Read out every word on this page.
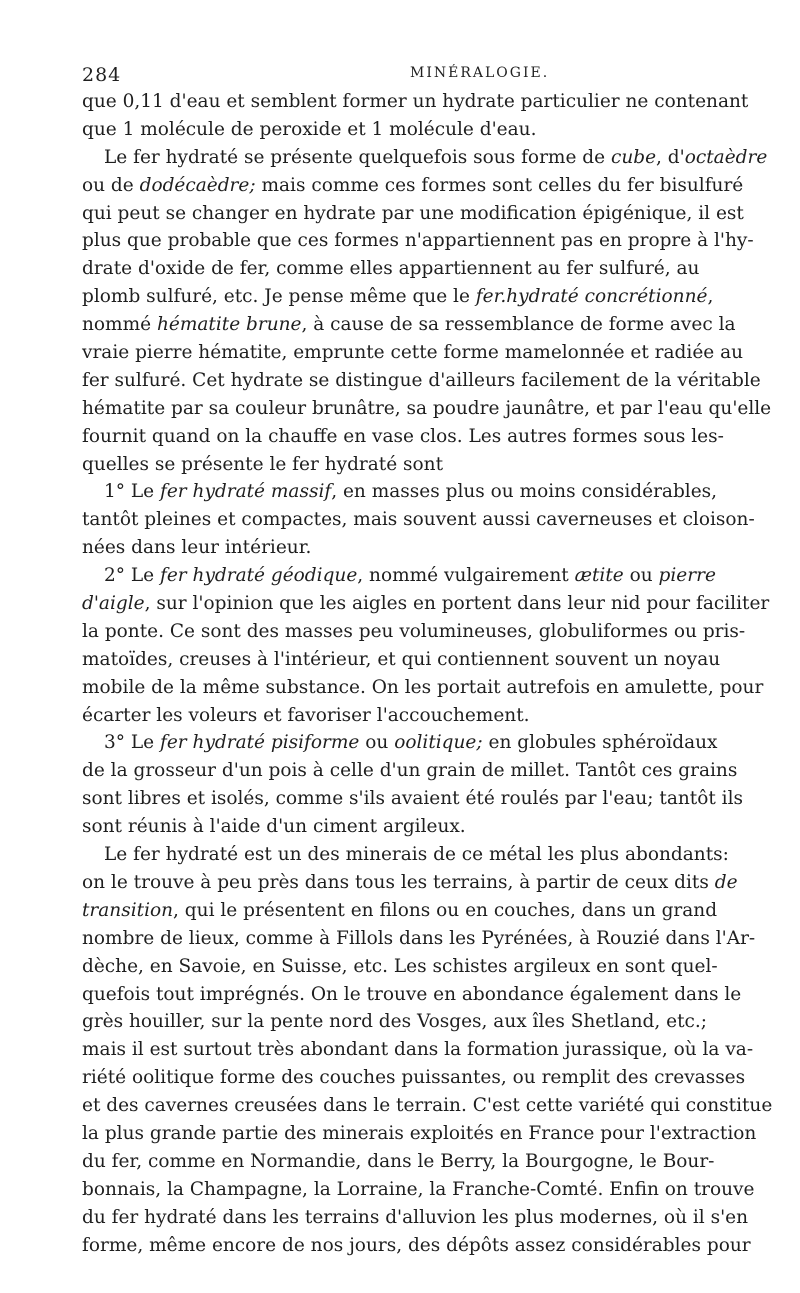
284	MINÉRALOGIE.
que 0,11 d'eau et semblent former un hydrate particulier ne contenant
que 1 molécule de peroxide et 1 molécule d'eau.
Le fer hydraté se présente quelquefois sous forme de cube, d'octaèdre
ou de dodécaèdre; mais comme ces formes sont celles du fer bisulfuré
qui peut se changer en hydrate par une modification épigénique, il est
plus que probable que ces formes n'appartiennent pas en propre à l'hy-
drate d'oxide de fer, comme elles appartiennent au fer sulfuré, au
plomb sulfuré, etc. Je pense même que le fer.hydraté concrétionné,
nommé hématite brune, à cause de sa ressemblance de forme avec la
vraie pierre hématite, emprunte cette forme mamelonnée et radiée au
fer sulfuré. Cet hydrate se distingue d'ailleurs facilement de la véritable
hématite par sa couleur brunâtre, sa poudre jaunâtre, et par l'eau qu'elle
fournit quand on la chauffe en vase clos. Les autres formes sous les-
quelles se présente le fer hydraté sont
1° Le fer hydraté massif, en masses plus ou moins considérables,
tantôt pleines et compactes, mais souvent aussi caverneuses et cloison-
nées dans leur intérieur.
2° Le fer hydraté géodique, nommé vulgairement ætite ou pierre
d'aigle, sur l'opinion que les aigles en portent dans leur nid pour faciliter
la ponte. Ce sont des masses peu volumineuses, globuliformes ou pris-
matoïdes, creuses à l'intérieur, et qui contiennent souvent un noyau
mobile de la même substance. On les portait autrefois en amulette, pour
écarter les voleurs et favoriser l'accouchement.
3° Le fer hydraté pisiforme ou oolitique; en globules sphéroïdaux
de la grosseur d'un pois à celle d'un grain de millet. Tantôt ces grains
sont libres et isolés, comme s'ils avaient été roulés par l'eau; tantôt ils
sont réunis à l'aide d'un ciment argileux.
Le fer hydraté est un des minerais de ce métal les plus abondants:
on le trouve à peu près dans tous les terrains, à partir de ceux dits de
transition, qui le présentent en filons ou en couches, dans un grand
nombre de lieux, comme à Fillols dans les Pyrénées, à Rouzié dans l'Ar-
dèche, en Savoie, en Suisse, etc. Les schistes argileux en sont quel-
quefois tout imprégnés. On le trouve en abondance également dans le
grès houiller, sur la pente nord des Vosges, aux îles Shetland, etc.;
mais il est surtout très abondant dans la formation jurassique, où la va-
riété oolitique forme des couches puissantes, ou remplit des crevasses
et des cavernes creusées dans le terrain. C'est cette variété qui constitue
la plus grande partie des minerais exploités en France pour l'extraction
du fer, comme en Normandie, dans le Berry, la Bourgogne, le Bour-
bonnais, la Champagne, la Lorraine, la Franche-Comté. Enfin on trouve
du fer hydraté dans les terrains d'alluvion les plus modernes, où il s'en
forme, même encore de nos jours, des dépôts assez considérables pour
